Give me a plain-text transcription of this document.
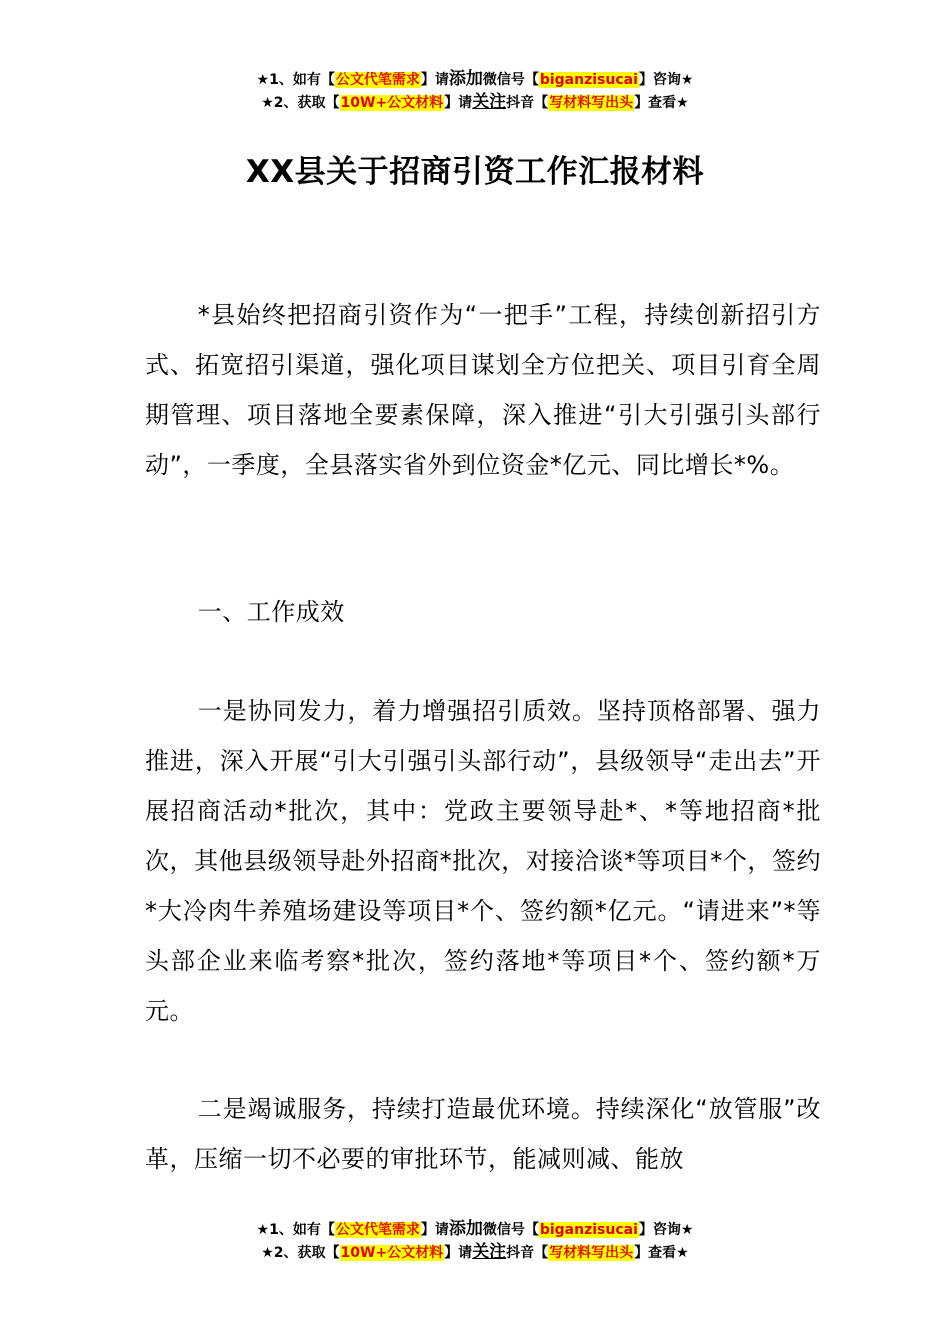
★1、如有【公文代笔需求】请添加微信号【biganzisucai】咨询★
★2、获取【10W+公文材料】请关注抖音【写材料写出头】查看★
XX县关于招商引资工作汇报材料

*县始终把招商引资作为“一把手”工程，持续创新招引方式、拓宽招引渠道，强化项目谋划全方位把关、项目引育全周期管理、项目落地全要素保障，深入推进“引大引强引头部行动”，一季度，全县落实省外到位资金*亿元、同比增长*%。

一、工作成效

一是协同发力，着力增强招引质效。坚持顶格部署、强力推进，深入开展“引大引强引头部行动”，县级领导“走出去”开展招商活动*批次，其中：党政主要领导赴*、*等地招商*批次，其他县级领导赴外招商*批次，对接洽谈*等项目*个，签约*大冷肉牛养殖场建设等项目*个、签约额*亿元。“请进来”*等头部企业来临考察*批次，签约落地*等项目*个、签约额*万元。

二是竭诚服务，持续打造最优环境。持续深化“放管服”改革，压缩一切不必要的审批环节，能减则减、能放

★1、如有【公文代笔需求】请添加微信号【biganzisucai】咨询★
★2、获取【10W+公文材料】请关注抖音【写材料写出头】查看★
